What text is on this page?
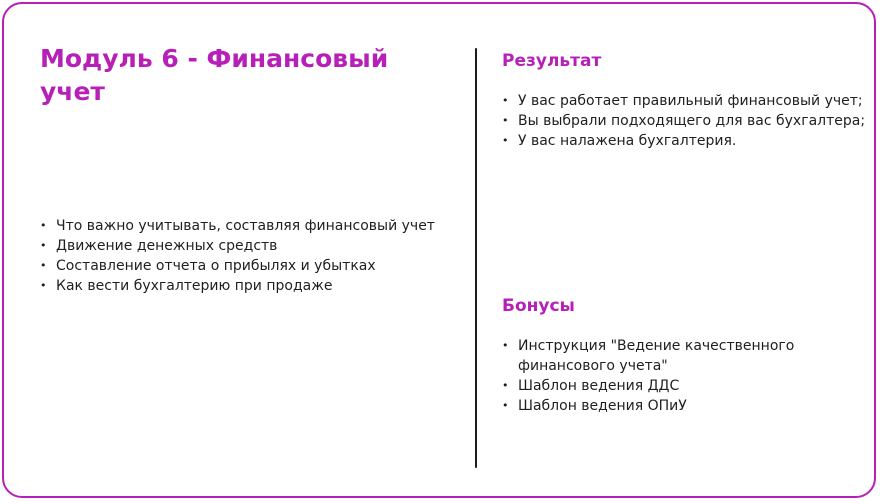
Модуль 6 - Финансовый учет
• Что важно учитывать, составляя финансовый учет
• Движение денежных средств
• Составление отчета о прибылях и убытках
• Как вести бухгалтерию при продаже
Результат
• У вас работает правильный финансовый учет;
• Вы выбрали подходящего для вас бухгалтера;
• У вас налажена бухгалтерия.
Бонусы
• Инструкция "Ведение качественного финансового учета"
• Шаблон ведения ДДС
• Шаблон ведения ОПиУ
